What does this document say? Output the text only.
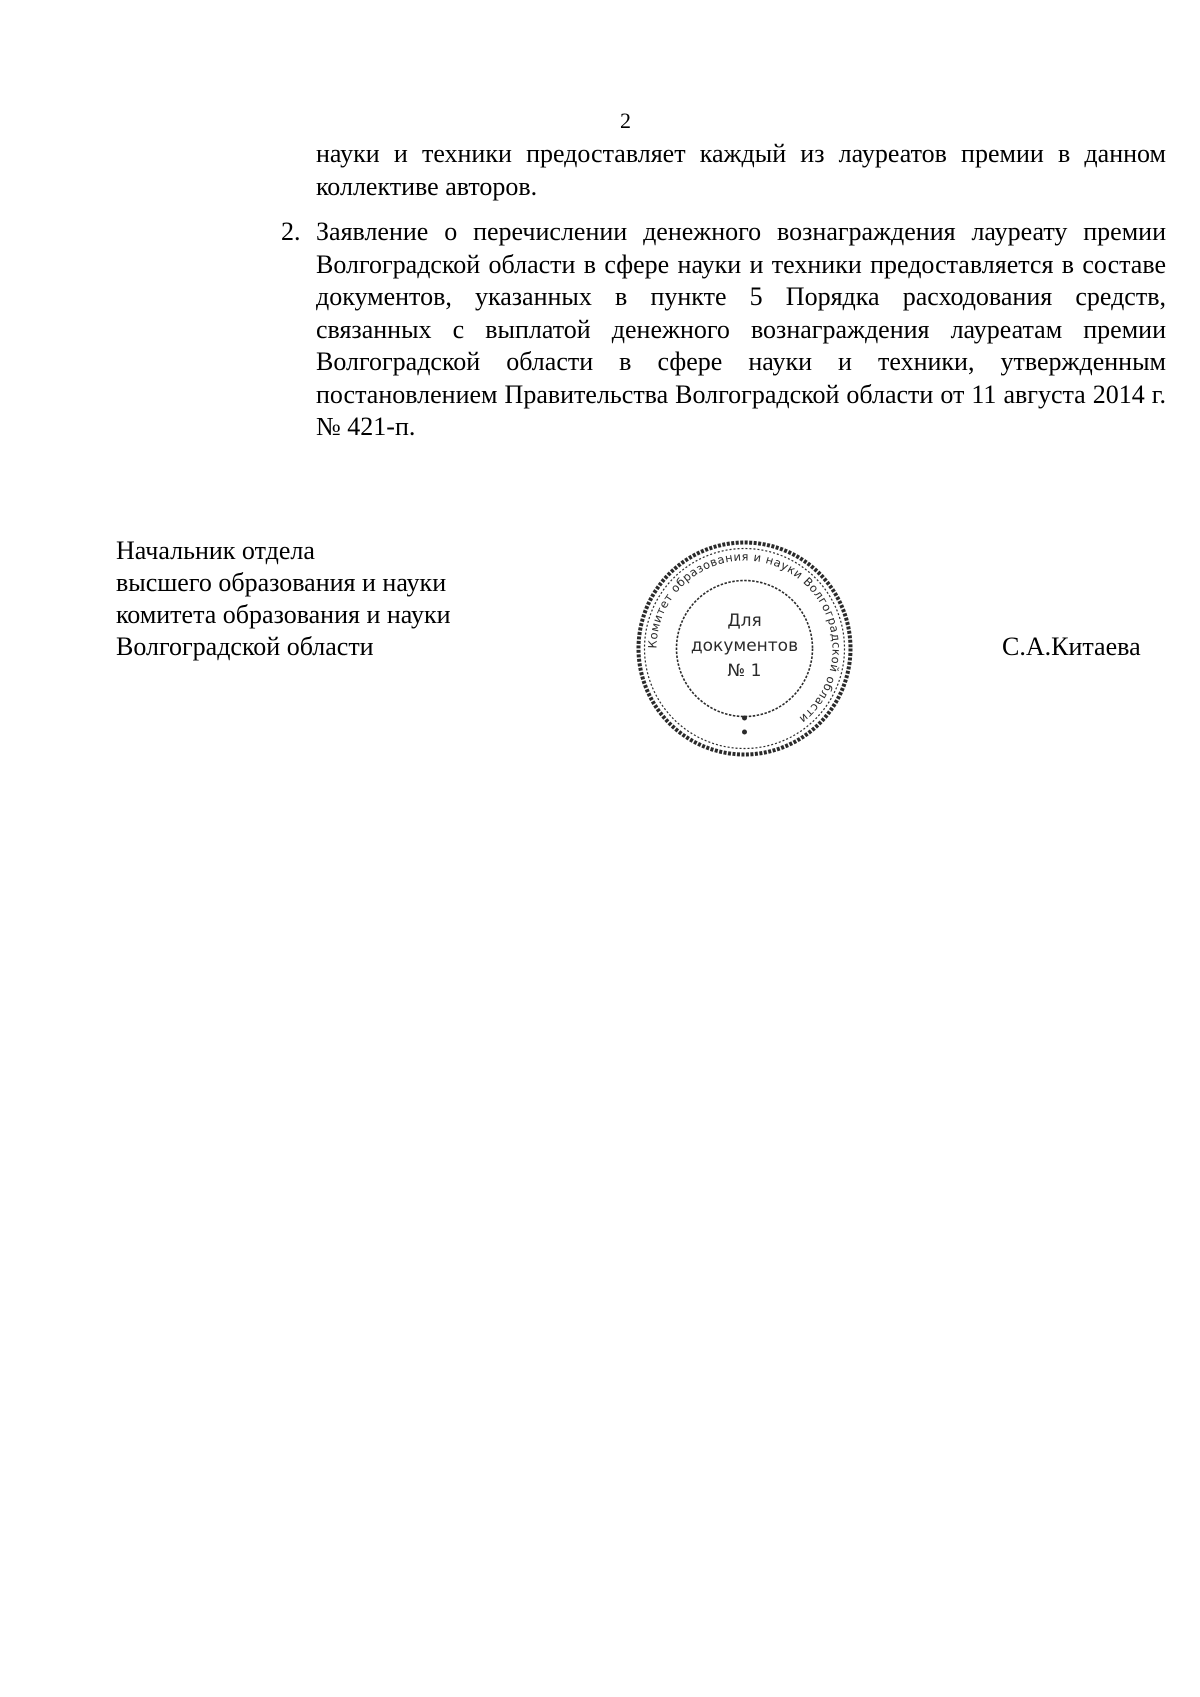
2

науки и техники предоставляет каждый из лауреатов премии в данном коллективе авторов.

2. Заявление о перечислении денежного вознаграждения лауреату премии Волгоградской области в сфере науки и техники предоставляется в составе документов, указанных в пункте 5 Порядка расходования средств, связанных с выплатой денежного вознаграждения лауреатам премии Волгоградской области в сфере науки и техники, утвержденным постановлением Правительства Волгоградской области от 11 августа 2014 г. № 421-п.

Начальник отдела
высшего образования и науки
комитета образования и науки
Волгоградской области	Комитет образования и науки Волгоградской области
Для
документов
№ 1
С.А.Китаева
